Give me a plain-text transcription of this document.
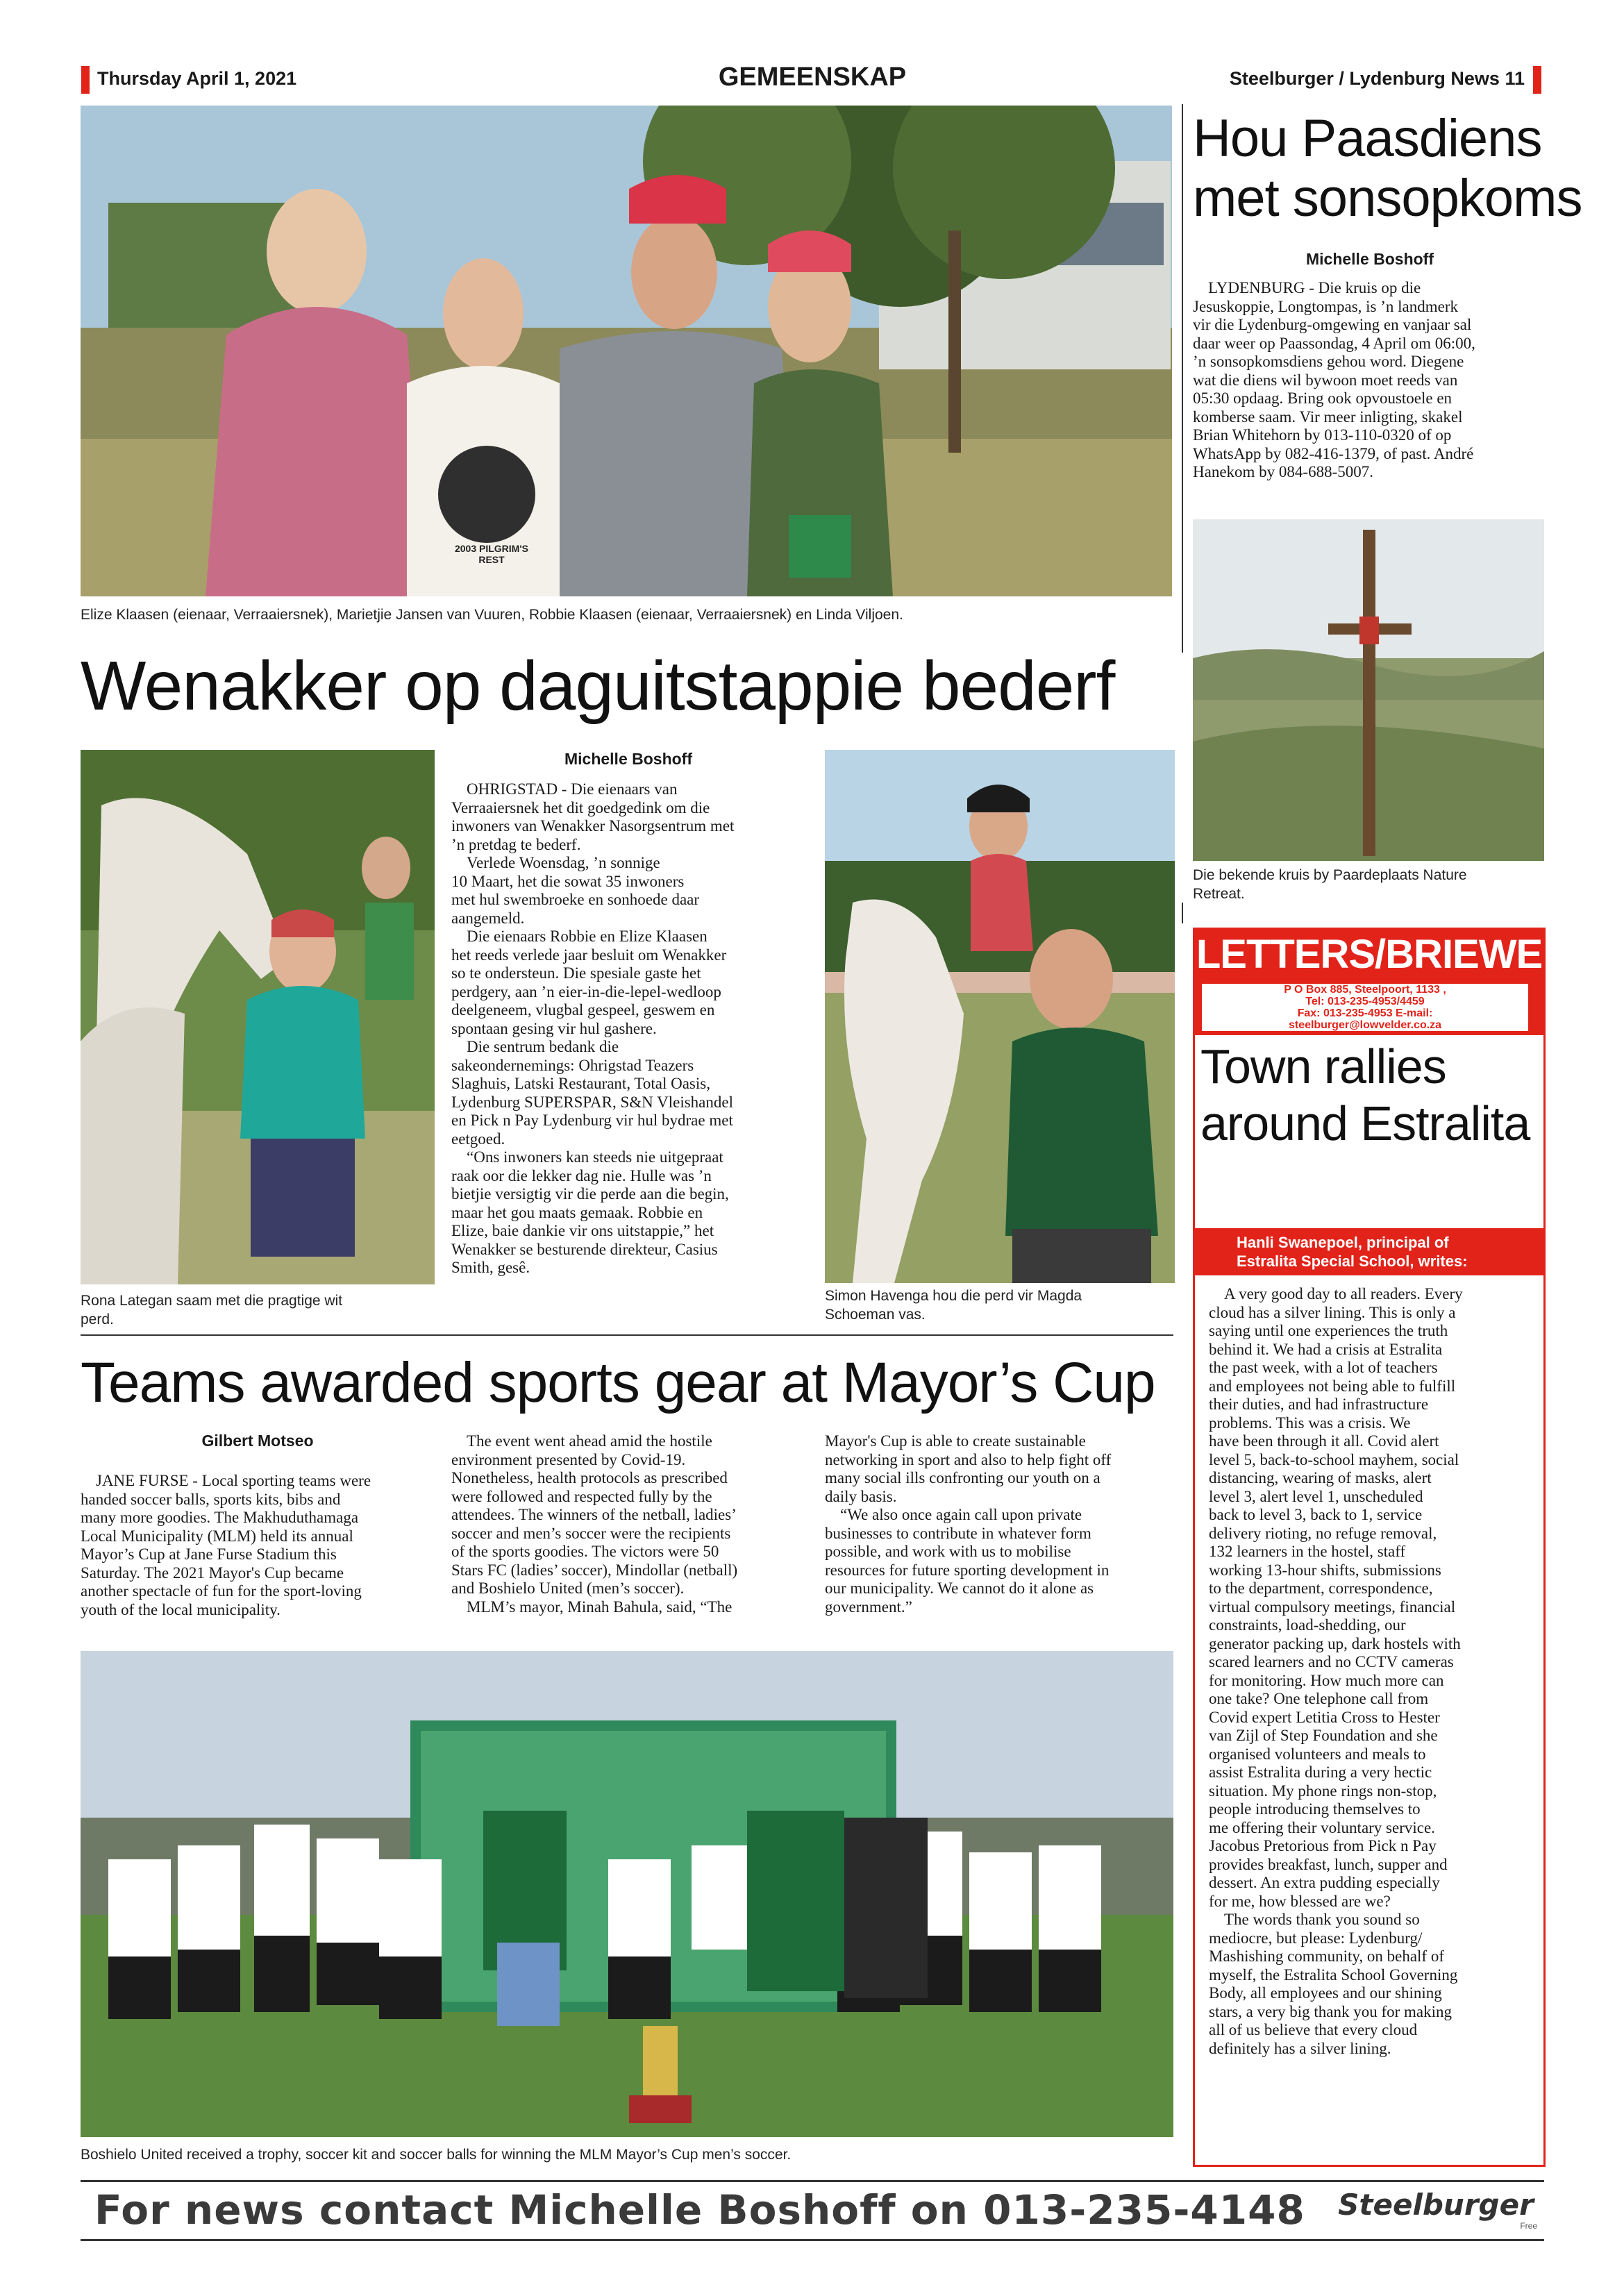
Thursday April 1, 2021	GEMEENSKAP	Steelburger / Lydenburg News 11
2003 PILGRIM'S REST
Elize Klaasen (eienaar, Verraaiersnek), Marietjie Jansen van Vuuren, Robbie Klaasen (eienaar, Verraaiersnek) en Linda Viljoen.
Hou Paasdiens
met sonsopkoms
Michelle Boshoff
LYDENBURG - Die kruis op die
Jesuskoppie, Longtompas, is ’n landmerk
vir die Lydenburg-omgewing en vanjaar sal
daar weer op Paassondag, 4 April om 06:00,
’n sonsopkomsdiens gehou word. Diegene
wat die diens wil bywoon moet reeds van
05:30 opdaag. Bring ook opvoustoele en
komberse saam. Vir meer inligting, skakel
Brian Whitehorn by 013-110-0320 of op
WhatsApp by 082-416-1379, of past. André
Hanekom by 084-688-5007.
Die bekende kruis by Paardeplaats Nature
Retreat.
Wenakker op daguitstappie bederf
Rona Lategan saam met die pragtige wit
perd.
Michelle Boshoff
OHRIGSTAD - Die eienaars van
Verraaiersnek het dit goedgedink om die
inwoners van Wenakker Nasorgsentrum met
’n pretdag te bederf.
Verlede Woensdag, ’n sonnige
10 Maart, het die sowat 35 inwoners
met hul swembroeke en sonhoede daar
aangemeld.
Die eienaars Robbie en Elize Klaasen
het reeds verlede jaar besluit om Wenakker
so te ondersteun. Die spesiale gaste het
perdgery, aan ’n eier-in-die-lepel-wedloop
deelgeneem, vlugbal gespeel, geswem en
spontaan gesing vir hul gashere.
Die sentrum bedank die
sakeondernemings: Ohrigstad Teazers
Slaghuis, Latski Restaurant, Total Oasis,
Lydenburg SUPERSPAR, S&N Vleishandel
en Pick n Pay Lydenburg vir hul bydrae met
eetgoed.
“Ons inwoners kan steeds nie uitgepraat
raak oor die lekker dag nie. Hulle was ’n
bietjie versigtig vir die perde aan die begin,
maar het gou maats gemaak. Robbie en
Elize, baie dankie vir ons uitstappie,” het
Wenakker se besturende direkteur, Casius
Smith, gesê.
Simon Havenga hou die perd vir Magda
Schoeman vas.
Teams awarded sports gear at Mayor’s Cup
Gilbert Motseo
JANE FURSE - Local sporting teams were
handed soccer balls, sports kits, bibs and
many more goodies. The Makhuduthamaga
Local Municipality (MLM) held its annual
Mayor’s Cup at Jane Furse Stadium this
Saturday. The 2021 Mayor's Cup became
another spectacle of fun for the sport-loving
youth of the local municipality.
The event went ahead amid the hostile
environment presented by Covid-19.
Nonetheless, health protocols as prescribed
were followed and respected fully by the
attendees. The winners of the netball, ladies’
soccer and men’s soccer were the recipients
of the sports goodies. The victors were 50
Stars FC (ladies’ soccer), Mindollar (netball)
and Boshielo United (men’s soccer).
MLM’s mayor, Minah Bahula, said, “The
Mayor's Cup is able to create sustainable
networking in sport and also to help fight off
many social ills confronting our youth on a
daily basis.
“We also once again call upon private
businesses to contribute in whatever form
possible, and work with us to mobilise
resources for future sporting development in
our municipality. We cannot do it alone as
government.”
Boshielo United received a trophy, soccer kit and soccer balls for winning the MLM Mayor’s Cup men’s soccer.
LETTERS/BRIEWE
P O Box 885, Steelpoort, 1133 ,
Tel: 013-235-4953/4459
Fax: 013-235-4953 E-mail:
steelburger@lowvelder.co.za
Town rallies
around Estralita
Hanli Swanepoel, principal of
Estralita Special School, writes:
A very good day to all readers. Every
cloud has a silver lining. This is only a
saying until one experiences the truth
behind it. We had a crisis at Estralita
the past week, with a lot of teachers
and employees not being able to fulfill
their duties, and had infrastructure
problems. This was a crisis. We
have been through it all. Covid alert
level 5, back-to-school mayhem, social
distancing, wearing of masks, alert
level 3, alert level 1, unscheduled
back to level 3, back to 1, service
delivery rioting, no refuge removal,
132 learners in the hostel, staff
working 13-hour shifts, submissions
to the department, correspondence,
virtual compulsory meetings, financial
constraints, load-shedding, our
generator packing up, dark hostels with
scared learners and no CCTV cameras
for monitoring. How much more can
one take? One telephone call from
Covid expert Letitia Cross to Hester
van Zijl of Step Foundation and she
organised volunteers and meals to
assist Estralita during a very hectic
situation. My phone rings non-stop,
people introducing themselves to
me offering their voluntary service.
Jacobus Pretorious from Pick n Pay
provides breakfast, lunch, supper and
dessert. An extra pudding especially
for me, how blessed are we?
The words thank you sound so
mediocre, but please: Lydenburg/
Mashishing community, on behalf of
myself, the Estralita School Governing
Body, all employees and our shining
stars, a very big thank you for making
all of us believe that every cloud
definitely has a silver lining.
For news contact Michelle Boshoff on 013-235-4148 Steelburger
Free
